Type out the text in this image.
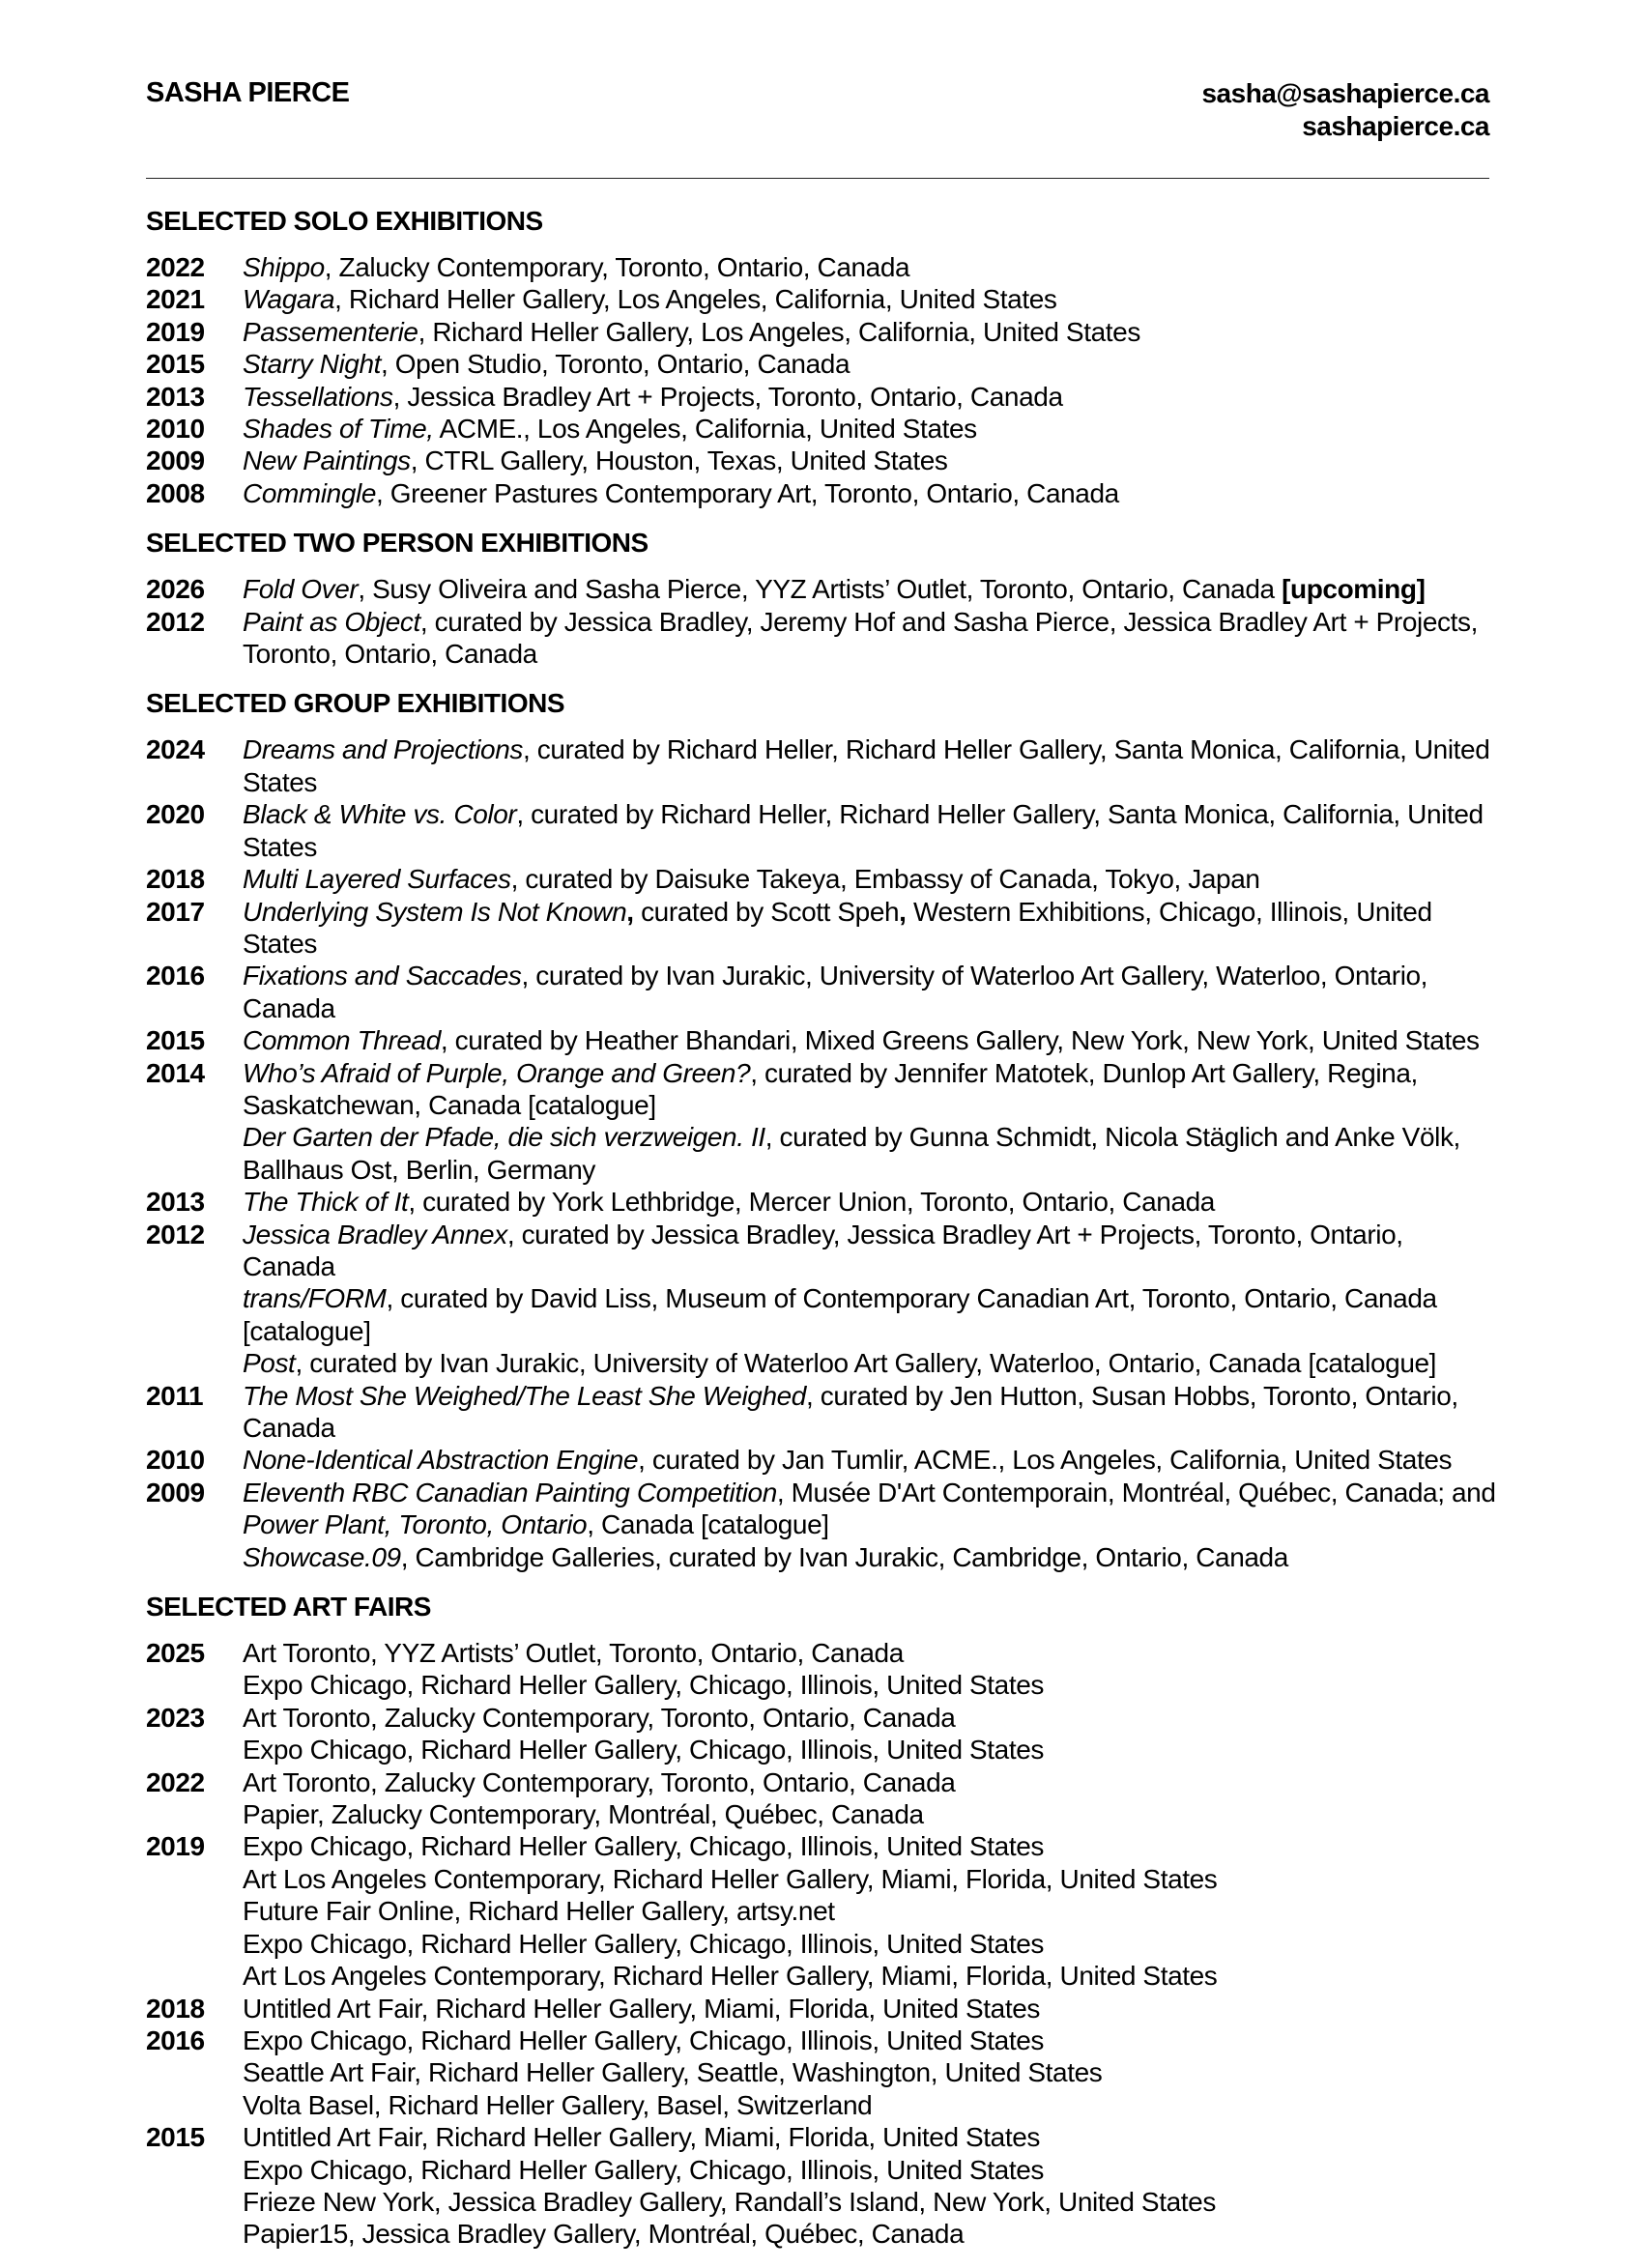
SASHA PIERCE	sasha@sashapierce.ca
sashapierce.ca
SELECTED SOLO EXHIBITIONS
2022	Shippo, Zalucky Contemporary, Toronto, Ontario, Canada
2021	Wagara, Richard Heller Gallery, Los Angeles, California, United States
2019	Passementerie, Richard Heller Gallery, Los Angeles, California, United States
2015	Starry Night, Open Studio, Toronto, Ontario, Canada
2013	Tessellations, Jessica Bradley Art + Projects, Toronto, Ontario, Canada
2010	Shades of Time, ACME., Los Angeles, California, United States
2009	New Paintings, CTRL Gallery, Houston, Texas, United States
2008	Commingle, Greener Pastures Contemporary Art, Toronto, Ontario, Canada
SELECTED TWO PERSON EXHIBITIONS
2026	Fold Over, Susy Oliveira and Sasha Pierce, YYZ Artists’ Outlet, Toronto, Ontario, Canada [upcoming]
2012	Paint as Object, curated by Jessica Bradley, Jeremy Hof and Sasha Pierce, Jessica Bradley Art + Projects, Toronto, Ontario, Canada
SELECTED GROUP EXHIBITIONS
2024	Dreams and Projections, curated by Richard Heller, Richard Heller Gallery, Santa Monica, California, United States
2020	Black & White vs. Color, curated by Richard Heller, Richard Heller Gallery, Santa Monica, California, United States
2018	Multi Layered Surfaces, curated by Daisuke Takeya, Embassy of Canada, Tokyo, Japan
2017	Underlying System Is Not Known, curated by Scott Speh, Western Exhibitions, Chicago, Illinois, United States
2016	Fixations and Saccades, curated by Ivan Jurakic, University of Waterloo Art Gallery, Waterloo, Ontario, Canada
2015	Common Thread, curated by Heather Bhandari, Mixed Greens Gallery, New York, New York, United States
2014	Who’s Afraid of Purple, Orange and Green?, curated by Jennifer Matotek, Dunlop Art Gallery, Regina, Saskatchewan, Canada [catalogue]
Der Garten der Pfade, die sich verzweigen. II, curated by Gunna Schmidt, Nicola Stäglich and Anke Völk, Ballhaus Ost, Berlin, Germany
2013	The Thick of It, curated by York Lethbridge, Mercer Union, Toronto, Ontario, Canada
2012	Jessica Bradley Annex, curated by Jessica Bradley, Jessica Bradley Art + Projects, Toronto, Ontario, Canada
trans/FORM, curated by David Liss, Museum of Contemporary Canadian Art, Toronto, Ontario, Canada [catalogue]
Post, curated by Ivan Jurakic, University of Waterloo Art Gallery, Waterloo, Ontario, Canada [catalogue]
2011	The Most She Weighed/The Least She Weighed, curated by Jen Hutton, Susan Hobbs, Toronto, Ontario, Canada
2010	None-Identical Abstraction Engine, curated by Jan Tumlir, ACME., Los Angeles, California, United States
2009	Eleventh RBC Canadian Painting Competition, Musée D'Art Contemporain, Montréal, Québec, Canada; and Power Plant, Toronto, Ontario, Canada [catalogue]
Showcase.09, Cambridge Galleries, curated by Ivan Jurakic, Cambridge, Ontario, Canada
SELECTED ART FAIRS
2025	Art Toronto, YYZ Artists’ Outlet, Toronto, Ontario, Canada
Expo Chicago, Richard Heller Gallery, Chicago, Illinois, United States
2023	Art Toronto, Zalucky Contemporary, Toronto, Ontario, Canada
Expo Chicago, Richard Heller Gallery, Chicago, Illinois, United States
2022	Art Toronto, Zalucky Contemporary, Toronto, Ontario, Canada
Papier, Zalucky Contemporary, Montréal, Québec, Canada
2019	Expo Chicago, Richard Heller Gallery, Chicago, Illinois, United States
Art Los Angeles Contemporary, Richard Heller Gallery, Miami, Florida, United States
Future Fair Online, Richard Heller Gallery, artsy.net
Expo Chicago, Richard Heller Gallery, Chicago, Illinois, United States
Art Los Angeles Contemporary, Richard Heller Gallery, Miami, Florida, United States
2018	Untitled Art Fair, Richard Heller Gallery, Miami, Florida, United States
2016	Expo Chicago, Richard Heller Gallery, Chicago, Illinois, United States
Seattle Art Fair, Richard Heller Gallery, Seattle, Washington, United States
Volta Basel, Richard Heller Gallery, Basel, Switzerland
2015	Untitled Art Fair, Richard Heller Gallery, Miami, Florida, United States
Expo Chicago, Richard Heller Gallery, Chicago, Illinois, United States
Frieze New York, Jessica Bradley Gallery, Randall’s Island, New York, United States
Papier15, Jessica Bradley Gallery, Montréal, Québec, Canada
